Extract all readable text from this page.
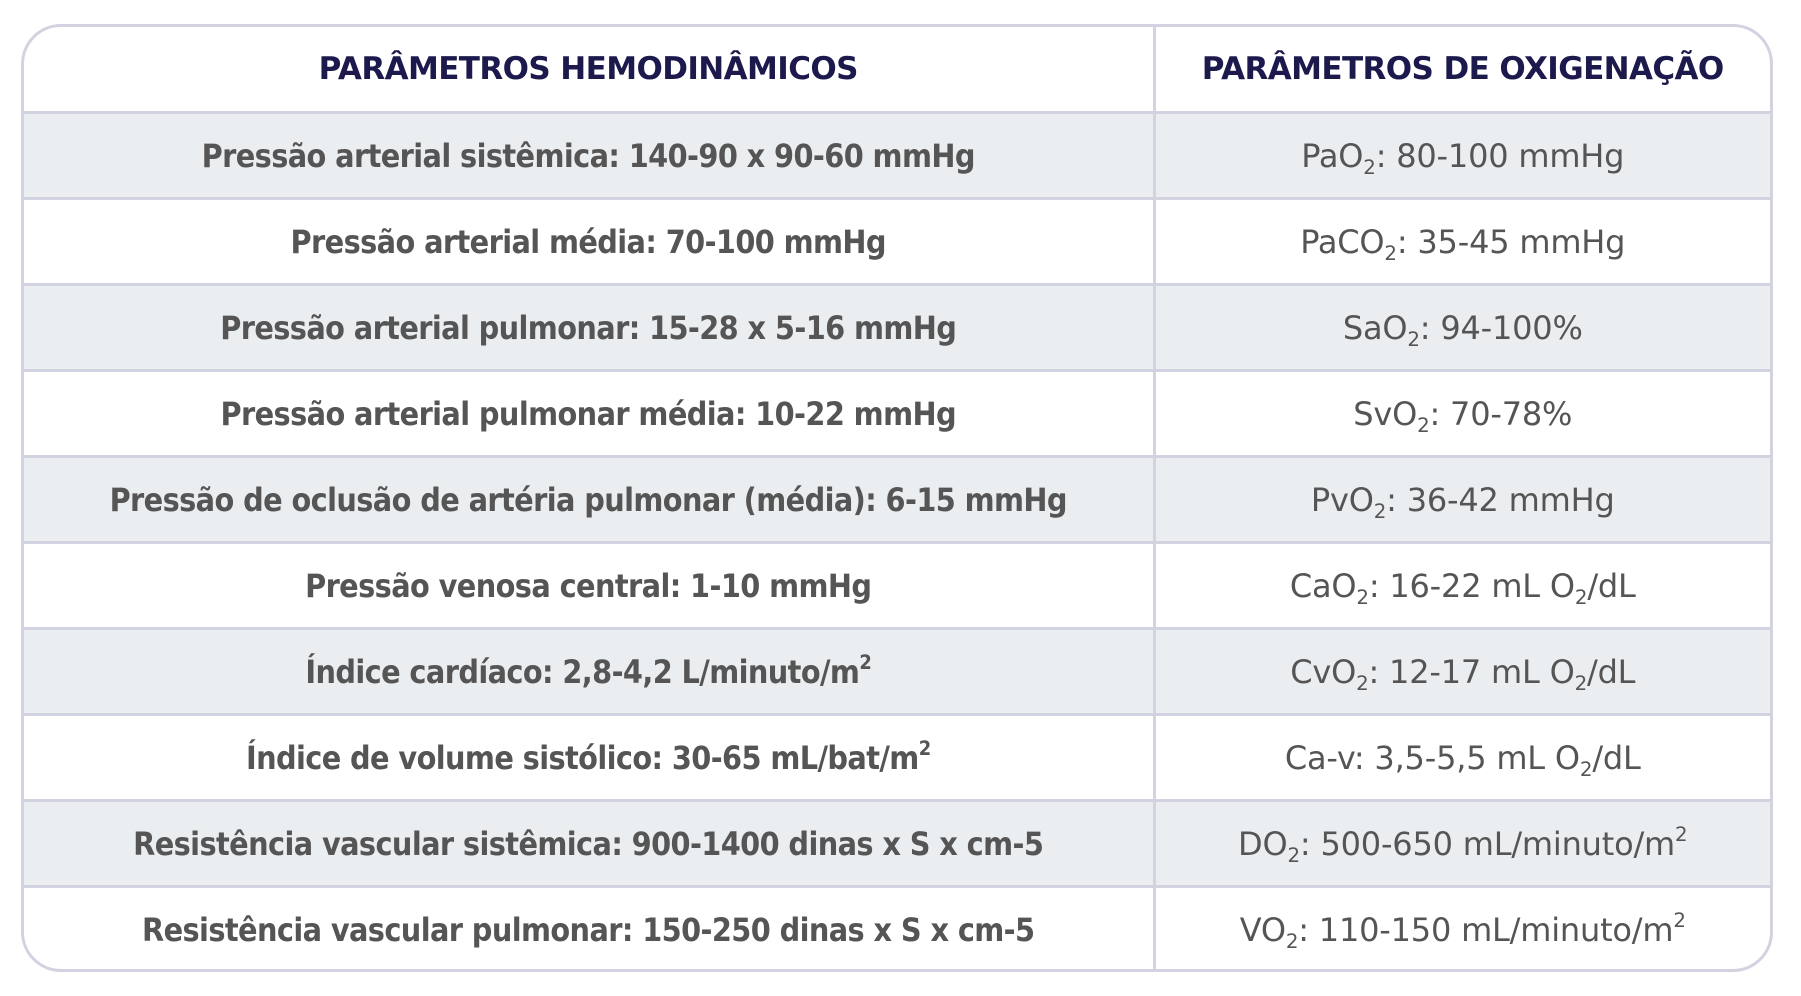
PARÂMETROS HEMODINÂMICOS	PARÂMETROS DE OXIGENAÇÃO
Pressão arterial sistêmica: 140-90 x 90-60 mmHg	PaO$_2$: 80-100 mmHg
Pressão arterial média: 70-100 mmHg	PaCO$_2$: 35-45 mmHg
Pressão arterial pulmonar: 15-28 x 5-16 mmHg	SaO$_2$: 94-100%
Pressão arterial pulmonar média: 10-22 mmHg	SvO$_2$: 70-78%
Pressão de oclusão de artéria pulmonar (média): 6-15 mmHg	PvO$_2$: 36-42 mmHg
Pressão venosa central: 1-10 mmHg	CaO$_2$: 16-22 mL $O_2/dL$
Índice cardíaco: 2,8-4,2 $L/minuto/m^2$	CvO$_2$: 12-17 mL $O_2/dL$
Índice de volume sistólico: 30-65 $mL/bat/m^2$	Ca-v: 3,5-5,5 mL $O_2/dL$
Resistência vascular sistêmica: 900-1400 dinas x S x cm-5	$DO_2$: 500-650 $mL/minuto/m^2$
Resistência vascular pulmonar: 150-250 dinas x S x cm-5	$VO_2$: 110-150 $mL/minuto/m^2$
